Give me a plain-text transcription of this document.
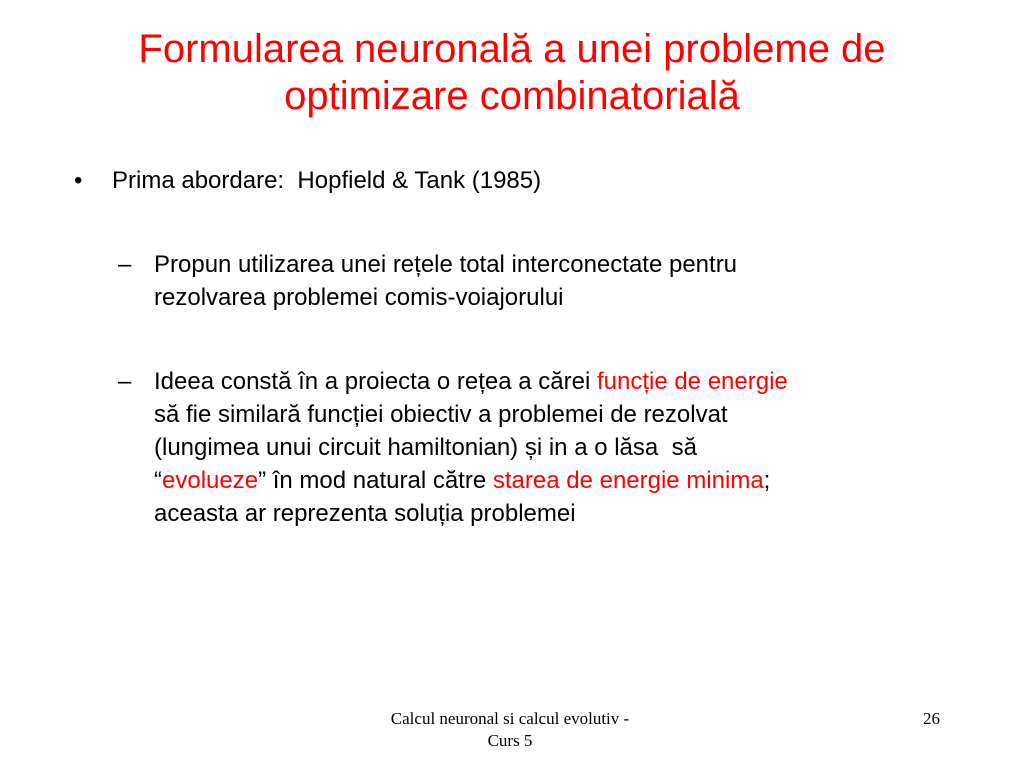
Formularea neuronală a unei probleme de
optimizare combinatorială

•

Prima abordare:  Hopfield & Tank (1985)

– Propun utilizarea unei rețele total interconectate pentru
rezolvarea problemei comis-voiajorului
– Ideea constă în a proiecta o rețea a cărei funcție de energie
să fie similară funcției obiectiv a problemei de rezolvat
(lungimea unui circuit hamiltonian) și in a o lăsa  să
“evolueze” în mod natural către starea de energie minima;
aceasta ar reprezenta soluția problemei
Calcul neuronal si calcul evolutiv -
Curs 5
26
